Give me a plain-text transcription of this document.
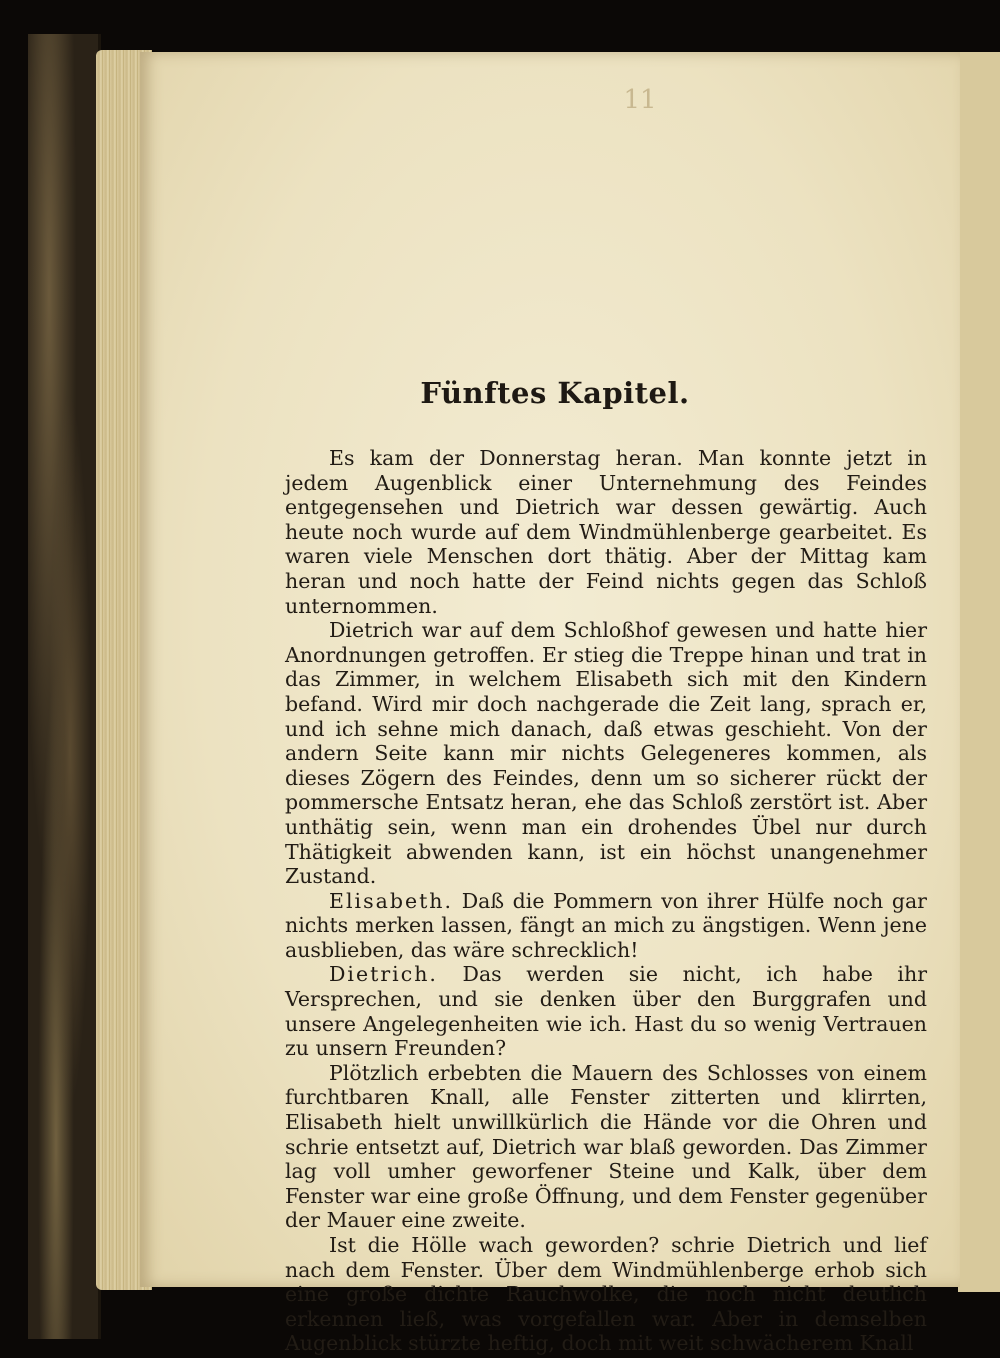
11
Fünftes Kapitel.

Es kam der Donnerstag heran. Man konnte jetzt in jedem Augenblick einer Unternehmung des Feindes entgegensehen und Dietrich war dessen gewärtig. Auch heute noch wurde auf dem Windmühlenberge gearbeitet. Es waren viele Menschen dort thätig. Aber der Mittag kam heran und noch hatte der Feind nichts gegen das Schloß unternommen.

Dietrich war auf dem Schloßhof gewesen und hatte hier Anordnungen getroffen. Er stieg die Treppe hinan und trat in das Zimmer, in welchem Elisabeth sich mit den Kindern befand. Wird mir doch nachgerade die Zeit lang, sprach er, und ich sehne mich danach, daß etwas geschieht. Von der andern Seite kann mir nichts Gelegeneres kommen, als dieses Zögern des Feindes, denn um so sicherer rückt der pommersche Entsatz heran, ehe das Schloß zerstört ist. Aber unthätig sein, wenn man ein drohendes Übel nur durch Thätigkeit abwenden kann, ist ein höchst unangenehmer Zustand.

Elisabeth. Daß die Pommern von ihrer Hülfe noch gar nichts merken lassen, fängt an mich zu ängstigen. Wenn jene ausblieben, das wäre schrecklich!

Dietrich. Das werden sie nicht, ich habe ihr Versprechen, und sie denken über den Burggrafen und unsere Angelegenheiten wie ich. Hast du so wenig Vertrauen zu unsern Freunden?

Plötzlich erbebten die Mauern des Schlosses von einem furchtbaren Knall, alle Fenster zitterten und klirrten, Elisabeth hielt unwillkürlich die Hände vor die Ohren und schrie entsetzt auf, Dietrich war blaß geworden. Das Zimmer lag voll umher geworfener Steine und Kalk, über dem Fenster war eine große Öffnung, und dem Fenster gegenüber der Mauer eine zweite.

Ist die Hölle wach geworden? schrie Dietrich und lief nach dem Fenster. Über dem Windmühlenberge erhob sich eine große dichte Rauchwolke, die noch nicht deutlich erkennen ließ, was vorgefallen war. Aber in demselben Augenblick stürzte heftig, doch mit weit schwächerem Knall
